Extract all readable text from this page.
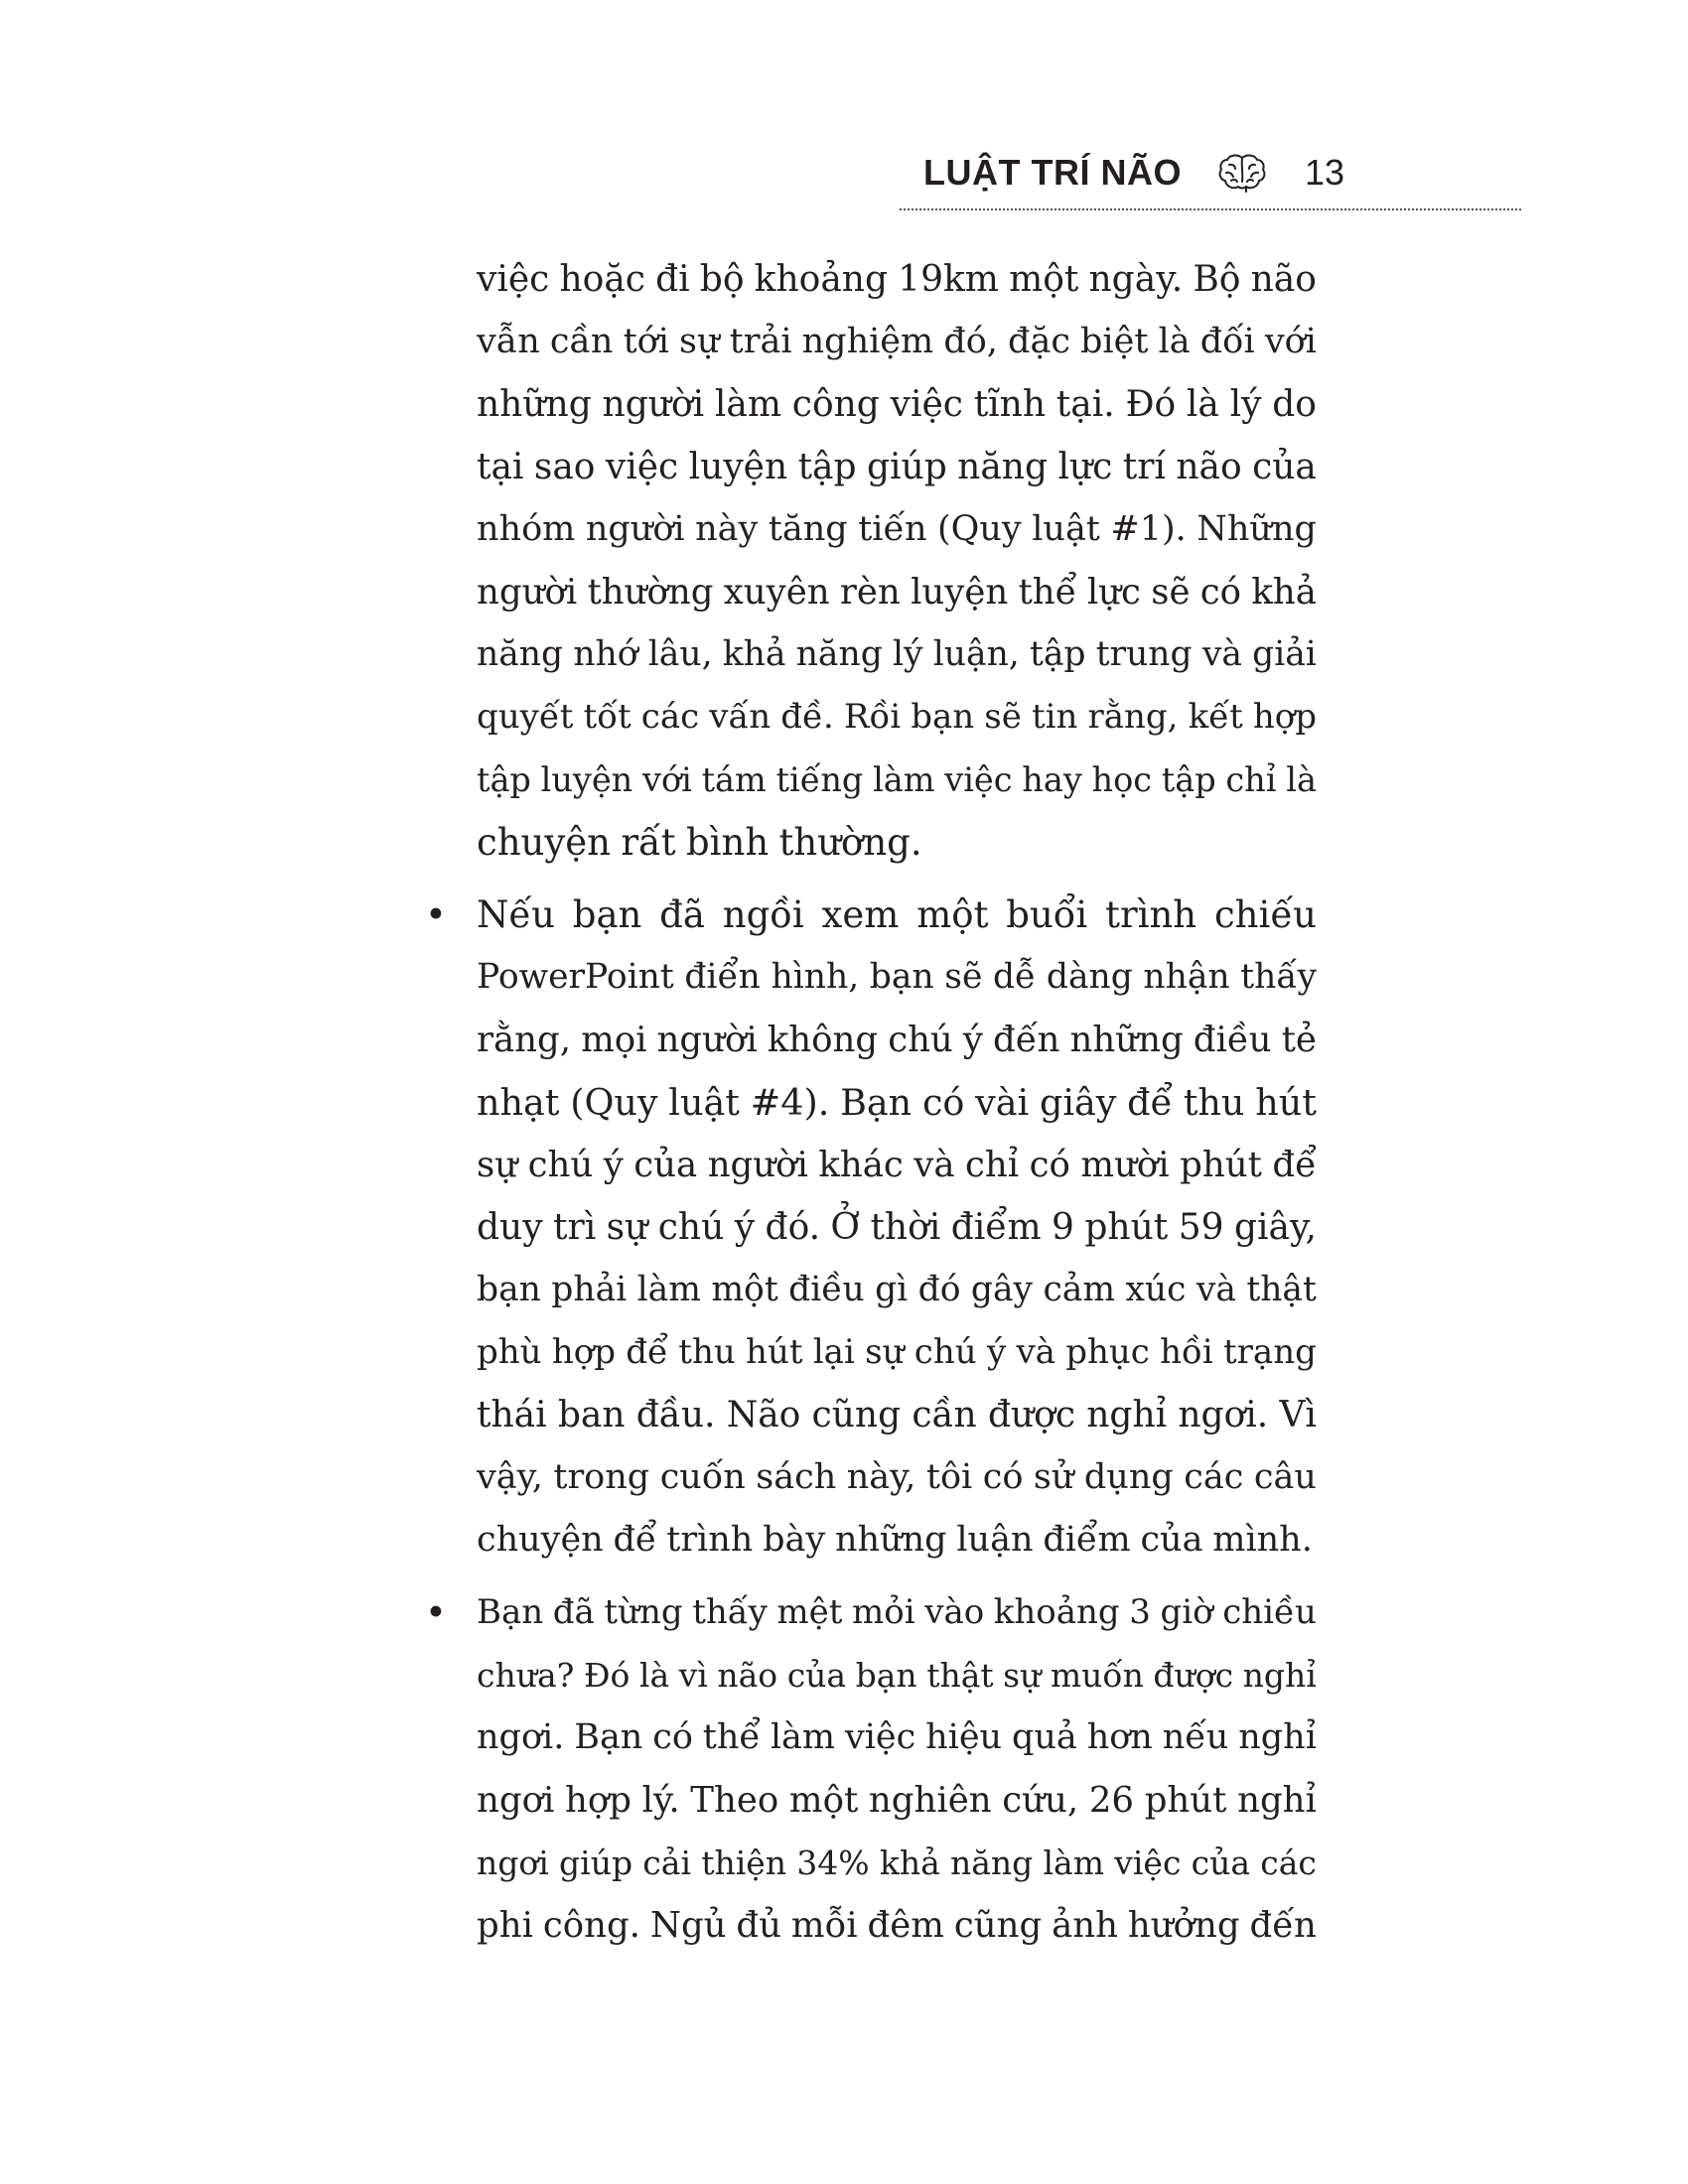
LUẬT TRÍ NÃO	13
việc hoặc đi bộ khoảng 19km một ngày. Bộ não
vẫn cần tới sự trải nghiệm đó, đặc biệt là đối với
những người làm công việc tĩnh tại. Đó là lý do
tại sao việc luyện tập giúp năng lực trí não của
nhóm người này tăng tiến (Quy luật #1). Những
người thường xuyên rèn luyện thể lực sẽ có khả
năng nhớ lâu, khả năng lý luận, tập trung và giải
quyết tốt các vấn đề. Rồi bạn sẽ tin rằng, kết hợp
tập luyện với tám tiếng làm việc hay học tập chỉ là
chuyện rất bình thường.
• Nếu bạn đã ngồi xem một buổi trình chiếu
PowerPoint điển hình, bạn sẽ dễ dàng nhận thấy
rằng, mọi người không chú ý đến những điều tẻ
nhạt (Quy luật #4). Bạn có vài giây để thu hút
sự chú ý của người khác và chỉ có mười phút để
duy trì sự chú ý đó. Ở thời điểm 9 phút 59 giây,
bạn phải làm một điều gì đó gây cảm xúc và thật
phù hợp để thu hút lại sự chú ý và phục hồi trạng
thái ban đầu. Não cũng cần được nghỉ ngơi. Vì
vậy, trong cuốn sách này, tôi có sử dụng các câu
chuyện để trình bày những luận điểm của mình.
• Bạn đã từng thấy mệt mỏi vào khoảng 3 giờ chiều
chưa? Đó là vì não của bạn thật sự muốn được nghỉ
ngơi. Bạn có thể làm việc hiệu quả hơn nếu nghỉ
ngơi hợp lý. Theo một nghiên cứu, 26 phút nghỉ
ngơi giúp cải thiện 34% khả năng làm việc của các
phi công. Ngủ đủ mỗi đêm cũng ảnh hưởng đến
